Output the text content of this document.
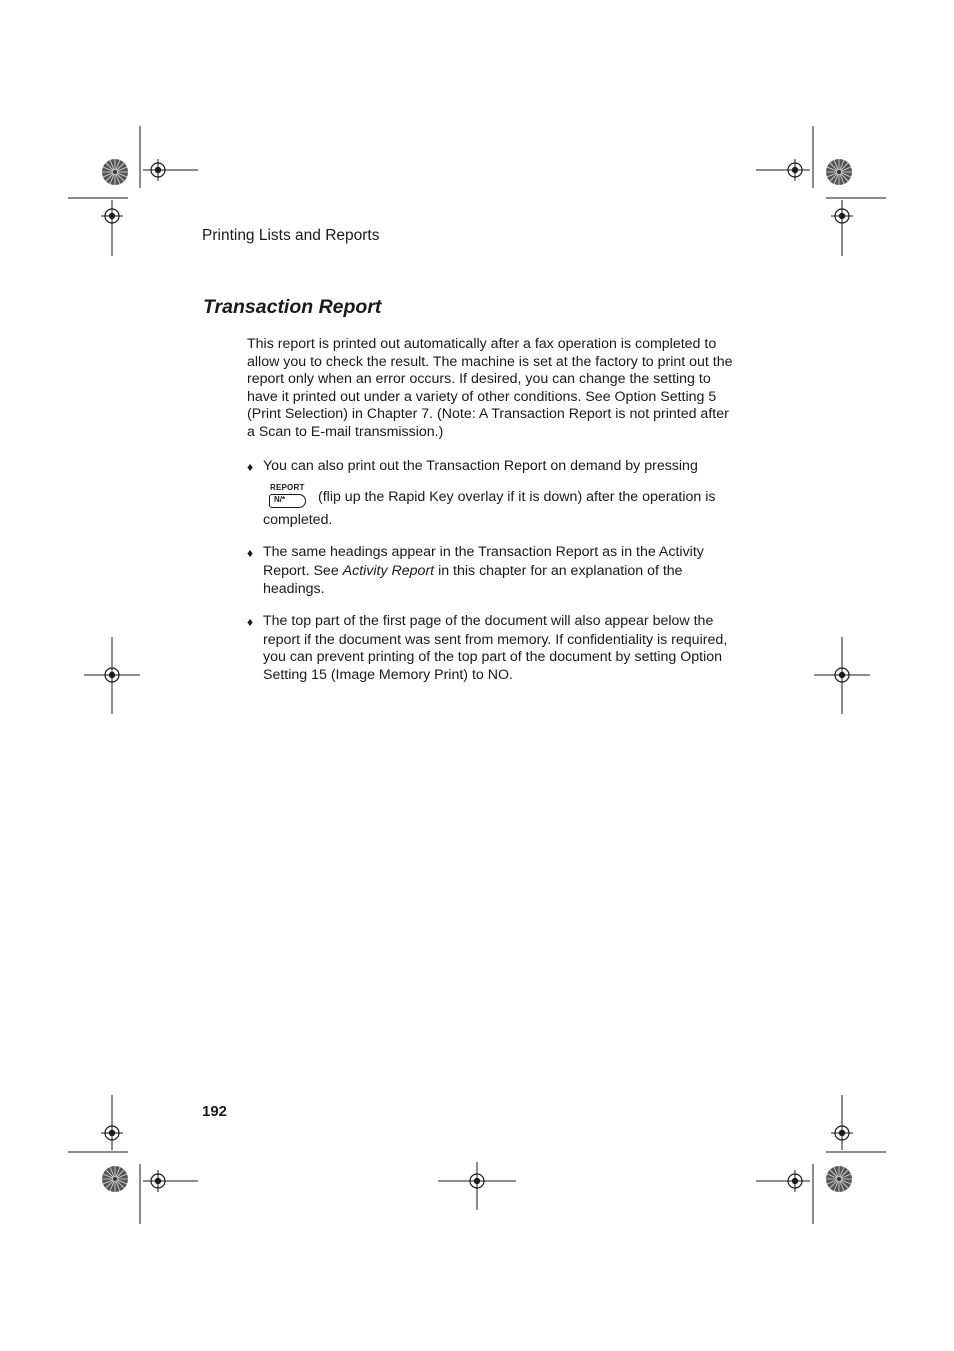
Printing Lists and Reports
Transaction Report
This report is printed out automatically after a fax operation is completed to
allow you to check the result. The machine is set at the factory to print out the
report only when an error occurs. If desired, you can change the setting to
have it printed out under a variety of other conditions. See Option Setting 5
(Print Selection) in Chapter 7. (Note: A Transaction Report is not printed after
a Scan to E-mail transmission.)
♦ You can also print out the Transaction Report on demand by pressing
REPORT
N/* (flip up the Rapid Key overlay if it is down) after the operation is
completed.
♦ The same headings appear in the Transaction Report as in the Activity
Report. See Activity Report in this chapter for an explanation of the
headings.
♦ The top part of the first page of the document will also appear below the
report if the document was sent from memory. If confidentiality is required,
you can prevent printing of the top part of the document by setting Option
Setting 15 (Image Memory Print) to NO.
192
